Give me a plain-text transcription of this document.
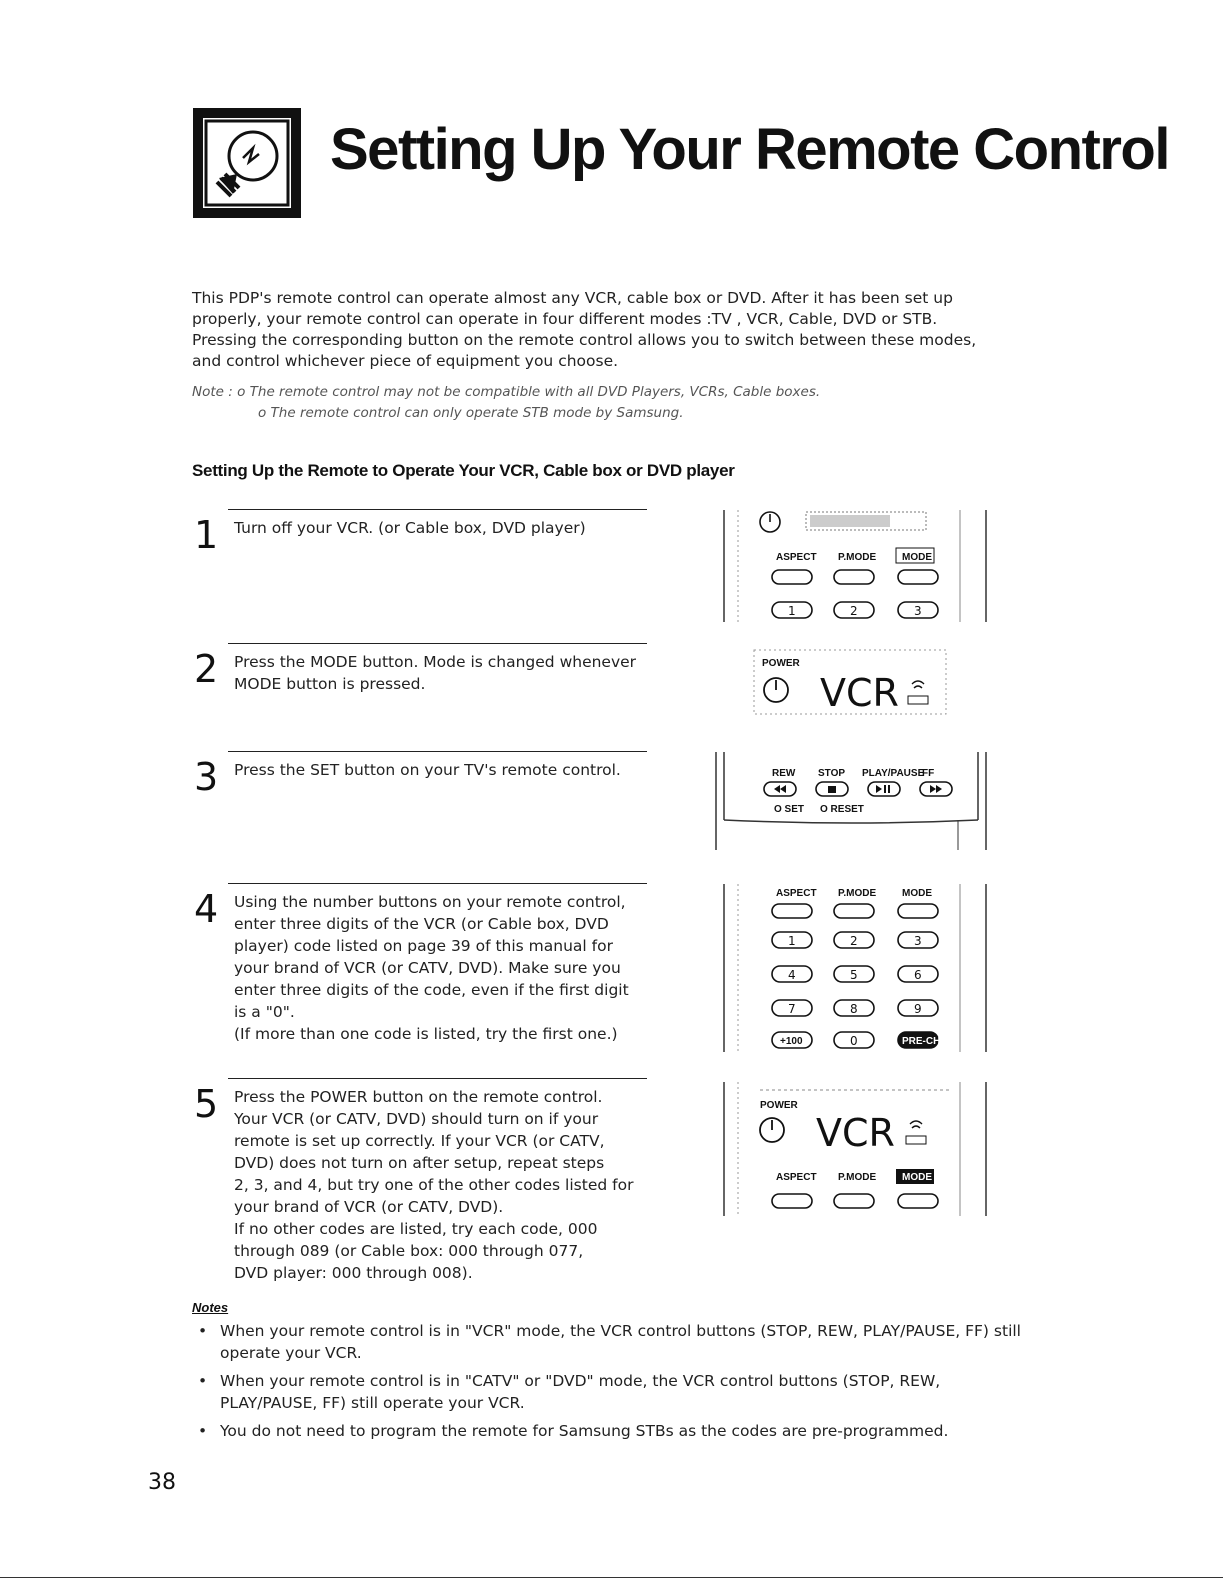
Setting Up Your Remote Control
This PDP's remote control can operate almost any VCR, cable box or DVD. After it has been set up
properly, your remote control can operate in four different modes :TV , VCR, Cable, DVD or STB.
Pressing the corresponding button on the remote control allows you to switch between these modes,
and control whichever piece of equipment you choose.
Note : o The remote control may not be compatible with all DVD Players, VCRs, Cable boxes.
o The remote control can only operate STB mode by Samsung.
Setting Up the Remote to Operate Your VCR, Cable box or DVD player
1 Turn off your VCR. (or Cable box, DVD player)
2 Press the MODE button. Mode is changed whenever
MODE button is pressed.
3 Press the SET button on your TV's remote control.
4 Using the number buttons on your remote control,
enter three digits of the VCR (or Cable box, DVD
player) code listed on page 39 of this manual for
your brand of VCR (or CATV, DVD). Make sure you
enter three digits of the code, even if the first digit
is a "0".
(If more than one code is listed, try the first one.)
5 Press the POWER button on the remote control.
Your VCR (or CATV, DVD) should turn on if your
remote is set up correctly. If your VCR (or CATV,
DVD) does not turn on after setup, repeat steps
2, 3, and 4, but try one of the other codes listed for
your brand of VCR (or CATV, DVD).
If no other codes are listed, try each code, 000
through 089 (or Cable box: 000 through 077,
DVD player: 000 through 008).
ASPECT P.MODE	MODE
1	2	3
POWER
VCR
REW STOP PLAY/PAUSE
FF
O SET O RESET
ASPECT P.MODE	MODE
1	2	3
4	5	6
7	8	9
+100	0	PRE-CH
POWER
VCR
ASPECT P.MODE	MODE
Notes
• When your remote control is in "VCR" mode, the VCR control buttons (STOP, REW, PLAY/PAUSE, FF) still operate your VCR.
• When your remote control is in "CATV" or "DVD" mode, the VCR control buttons (STOP, REW, PLAY/PAUSE, FF) still operate your VCR.
• You do not need to program the remote for Samsung STBs as the codes are pre-programmed.
38
